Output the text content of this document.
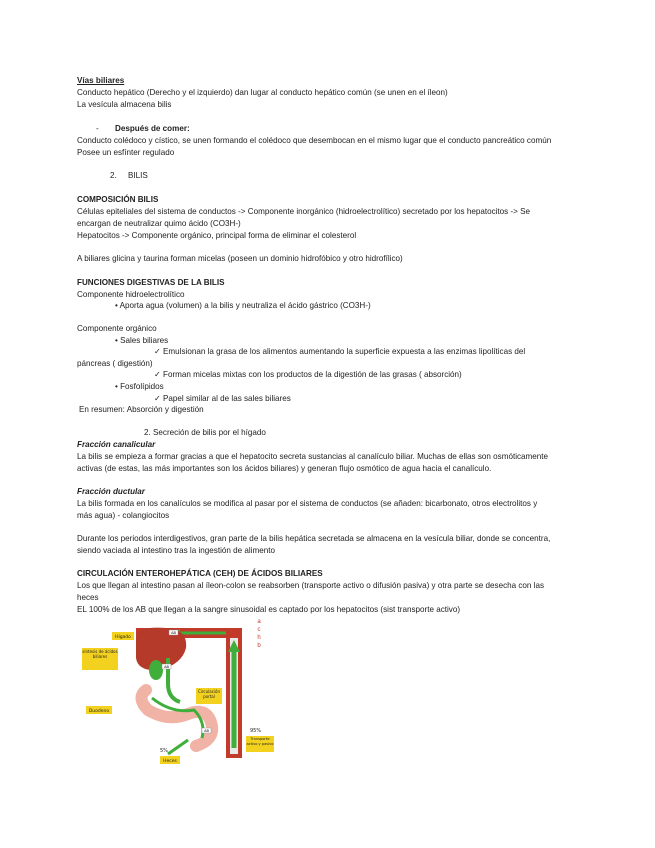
Vías biliares
Conducto hepático (Derecho y el izquierdo) dan lugar al conducto hepático común (se unen en el íleon)
La vesícula almacena bilis
- Después de comer:
Conducto colédoco y cístico, se unen formando el colédoco que desembocan en el mismo lugar que el conducto pancreático común
Posee un esfínter regulado
2. BILIS
COMPOSICIÓN BILIS
Células epiteliales del sistema de conductos -> Componente inorgánico (hidroelectrolítico) secretado por los hepatocitos -> Se
encargan de neutralizar quimo ácido (CO3H-)
Hepatocitos -> Componente orgánico, principal forma de eliminar el colesterol
A biliares glicina y taurina forman micelas (poseen un dominio hidrofóbico y otro hidrofílico)
FUNCIONES DIGESTIVAS DE LA BILIS
Componente hidroelectrolítico
• Aporta agua (volumen) a la bilis y neutraliza el ácido gástrico (CO3H-)
Componente orgánico
• Sales biliares
✓ Emulsionan la grasa de los alimentos aumentando la superficie expuesta a las enzimas lipolíticas del
páncreas ( digestión)
✓ Forman micelas mixtas con los productos de la digestión de las grasas ( absorción)
• Fosfolípidos
✓ Papel similar al de las sales biliares
En resumen: Absorción y digestión
2. Secreción de bilis por el hígado
Fracción canalicular
La bilis se empieza a formar gracias a que el hepatocito secreta sustancias al canalículo biliar. Muchas de ellas son osmóticamente
activas (de estas, las más importantes son los ácidos biliares) y generan flujo osmótico de agua hacia el canalículo.
Fracción ductular
La bilis formada en los canalículos se modifica al pasar por el sistema de conductos (se añaden: bicarbonato, otros electrolitos y
más agua) - colangiocitos
Durante los periodos interdigestivos, gran parte de la bilis hepática secretada se almacena en la vesícula biliar, donde se concentra,
siendo vaciada al intestino tras la ingestión de alimento
CIRCULACIÓN ENTEROHEPÁTICA (CEH) DE ÁCIDOS BILIARES
Los que llegan al intestino pasan al íleon-colon se reabsorben (transporte activo o difusión pasiva) y otra parte se desecha con las
heces
EL 100% de los AB que llegan a la sangre sinusoidal es captado por los hepatocitos (sist transporte activo)
a
c
h
b
AB
AB
AB
Hígado
síntesis de ácidos biliares
Duodeno
Circulación portal
Transporte activo y pasivo
95%
5%
Heces
